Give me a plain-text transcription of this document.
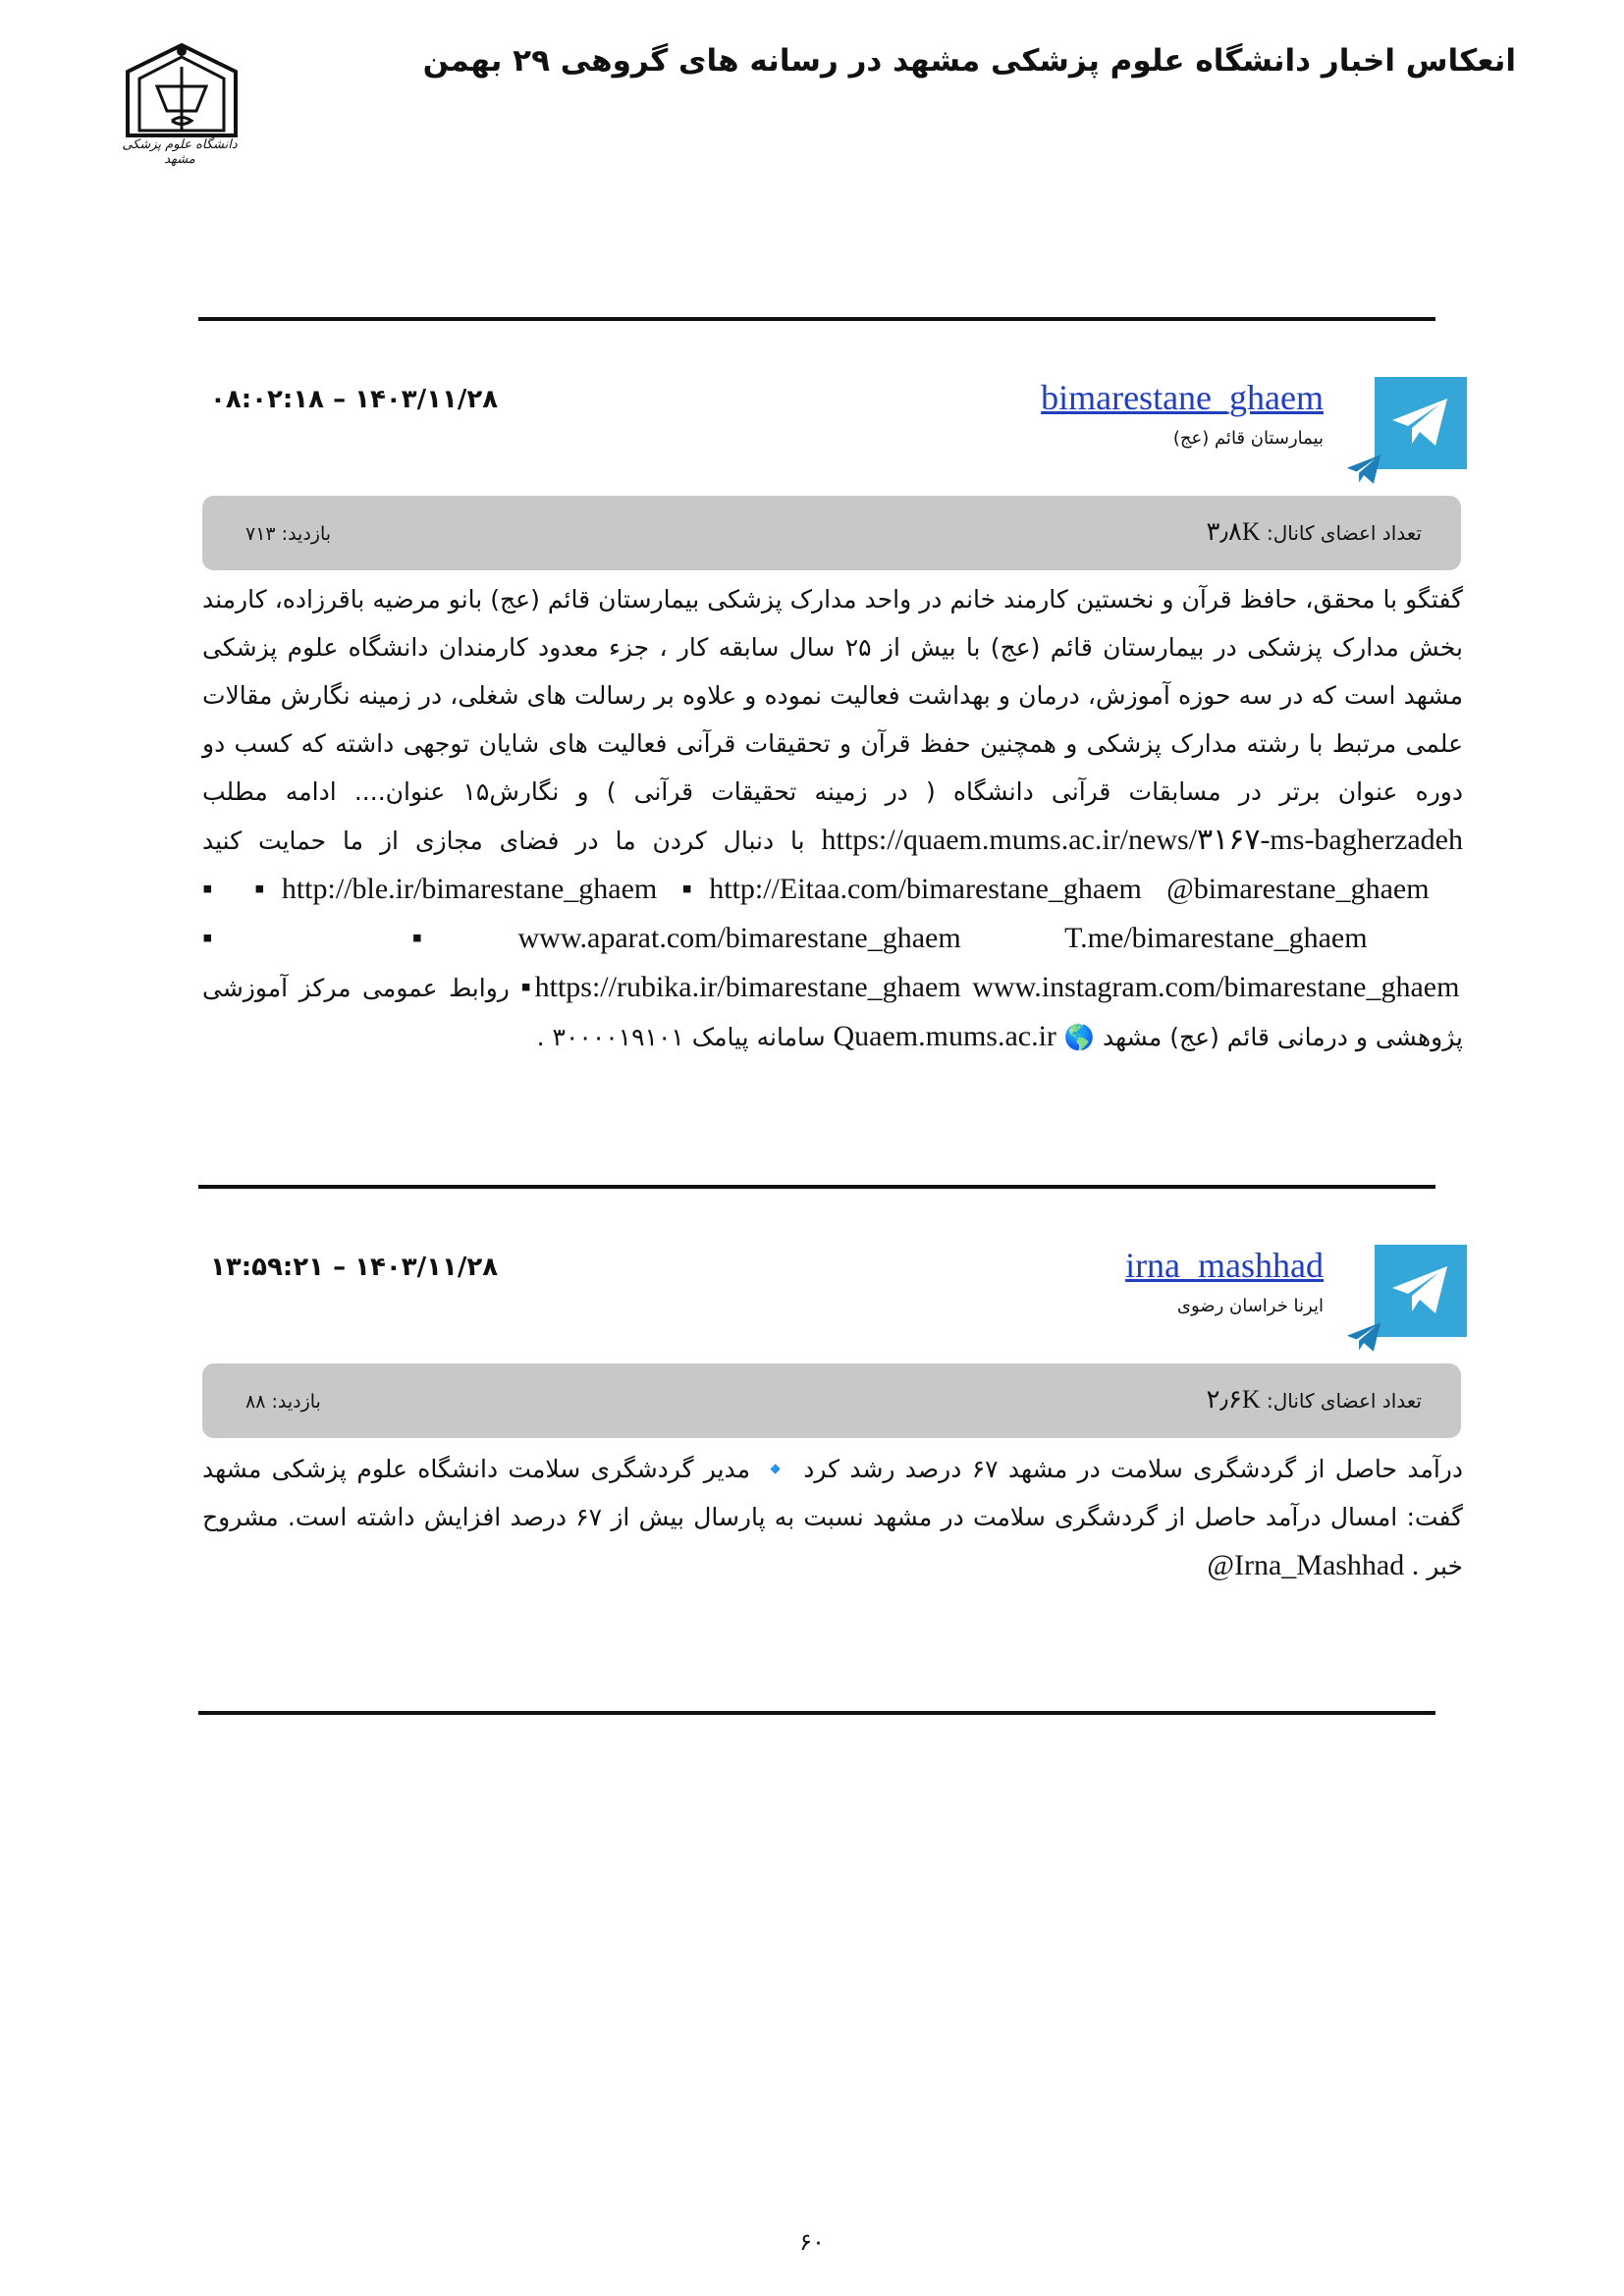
انعکاس اخبار دانشگاه علوم پزشکی مشهد در رسانه های گروهی ۲۹ بهمن
دانشگاه علوم پزشکی مشهد
bimarestane_ghaem
بیمارستان قائم (عج)
۱۴۰۳/۱۱/۲۸ – ۰۸:۰۲:۱۸
تعداد اعضای کانال: ۳٫۸K
بازدید: ۷۱۳
گفتگو با محقق، حافظ قرآن و نخستین کارمند خانم در واحد مدارک پزشکی بیمارستان قائم (عج) بانو مرضیه باقرزاده، کارمند بخش مدارک پزشکی در بیمارستان قائم (عج) با بیش از ۲۵ سال سابقه کار ، جزء معدود کارمندان دانشگاه علوم پزشکی مشهد است که در سه حوزه آموزش، درمان و بهداشت فعالیت نموده و علاوه بر رسالت های شغلی، در زمینه نگارش مقالات علمی مرتبط با رشته مدارک پزشکی و همچنین حفظ قرآن و تحقیقات قرآنی فعالیت های شایان توجهی داشته که کسب دو دوره عنوان برتر در مسابقات قرآنی دانشگاه ( در زمینه تحقیقات قرآنی ) و نگارش۱۵ عنوان.... ادامه مطلب https://quaem.mums.ac.ir/news/۳۱۶۷-ms-bagherzadeh با دنبال کردن ما در فضای مجازی از ما حمایت کنید @bimarestane_ghaem ▪http://Eitaa.com/bimarestane_ghaem ▪http://ble.ir/bimarestane_ghaem ▪ T.me/bimarestane_ghaem ▪www.aparat.com/bimarestane_ghaem ▪ www.instagram.com/bimarestane_ghaem ▪https://rubika.ir/bimarestane_ghaem روابط عمومی مرکز آموزشی پژوهشی و درمانی قائم (عج) مشهد 🌎 Quaem.mums.ac.ir سامانه پیامک ۳۰۰۰۰۱۹۱۰۱ .
irna_mashhad
ایرنا خراسان رضوی
۱۴۰۳/۱۱/۲۸ – ۱۳:۵۹:۲۱
تعداد اعضای کانال: ۲٫۶K
بازدید: ۸۸
درآمد حاصل از گردشگری سلامت در مشهد ۶۷ درصد رشد کرد 🔹 مدیر گردشگری سلامت دانشگاه علوم پزشکی مشهد گفت: امسال درآمد حاصل از گردشگری سلامت در مشهد نسبت به پارسال بیش از ۶۷ درصد افزایش داشته است. مشروح خبر @Irna_Mashhad .
۶۰
